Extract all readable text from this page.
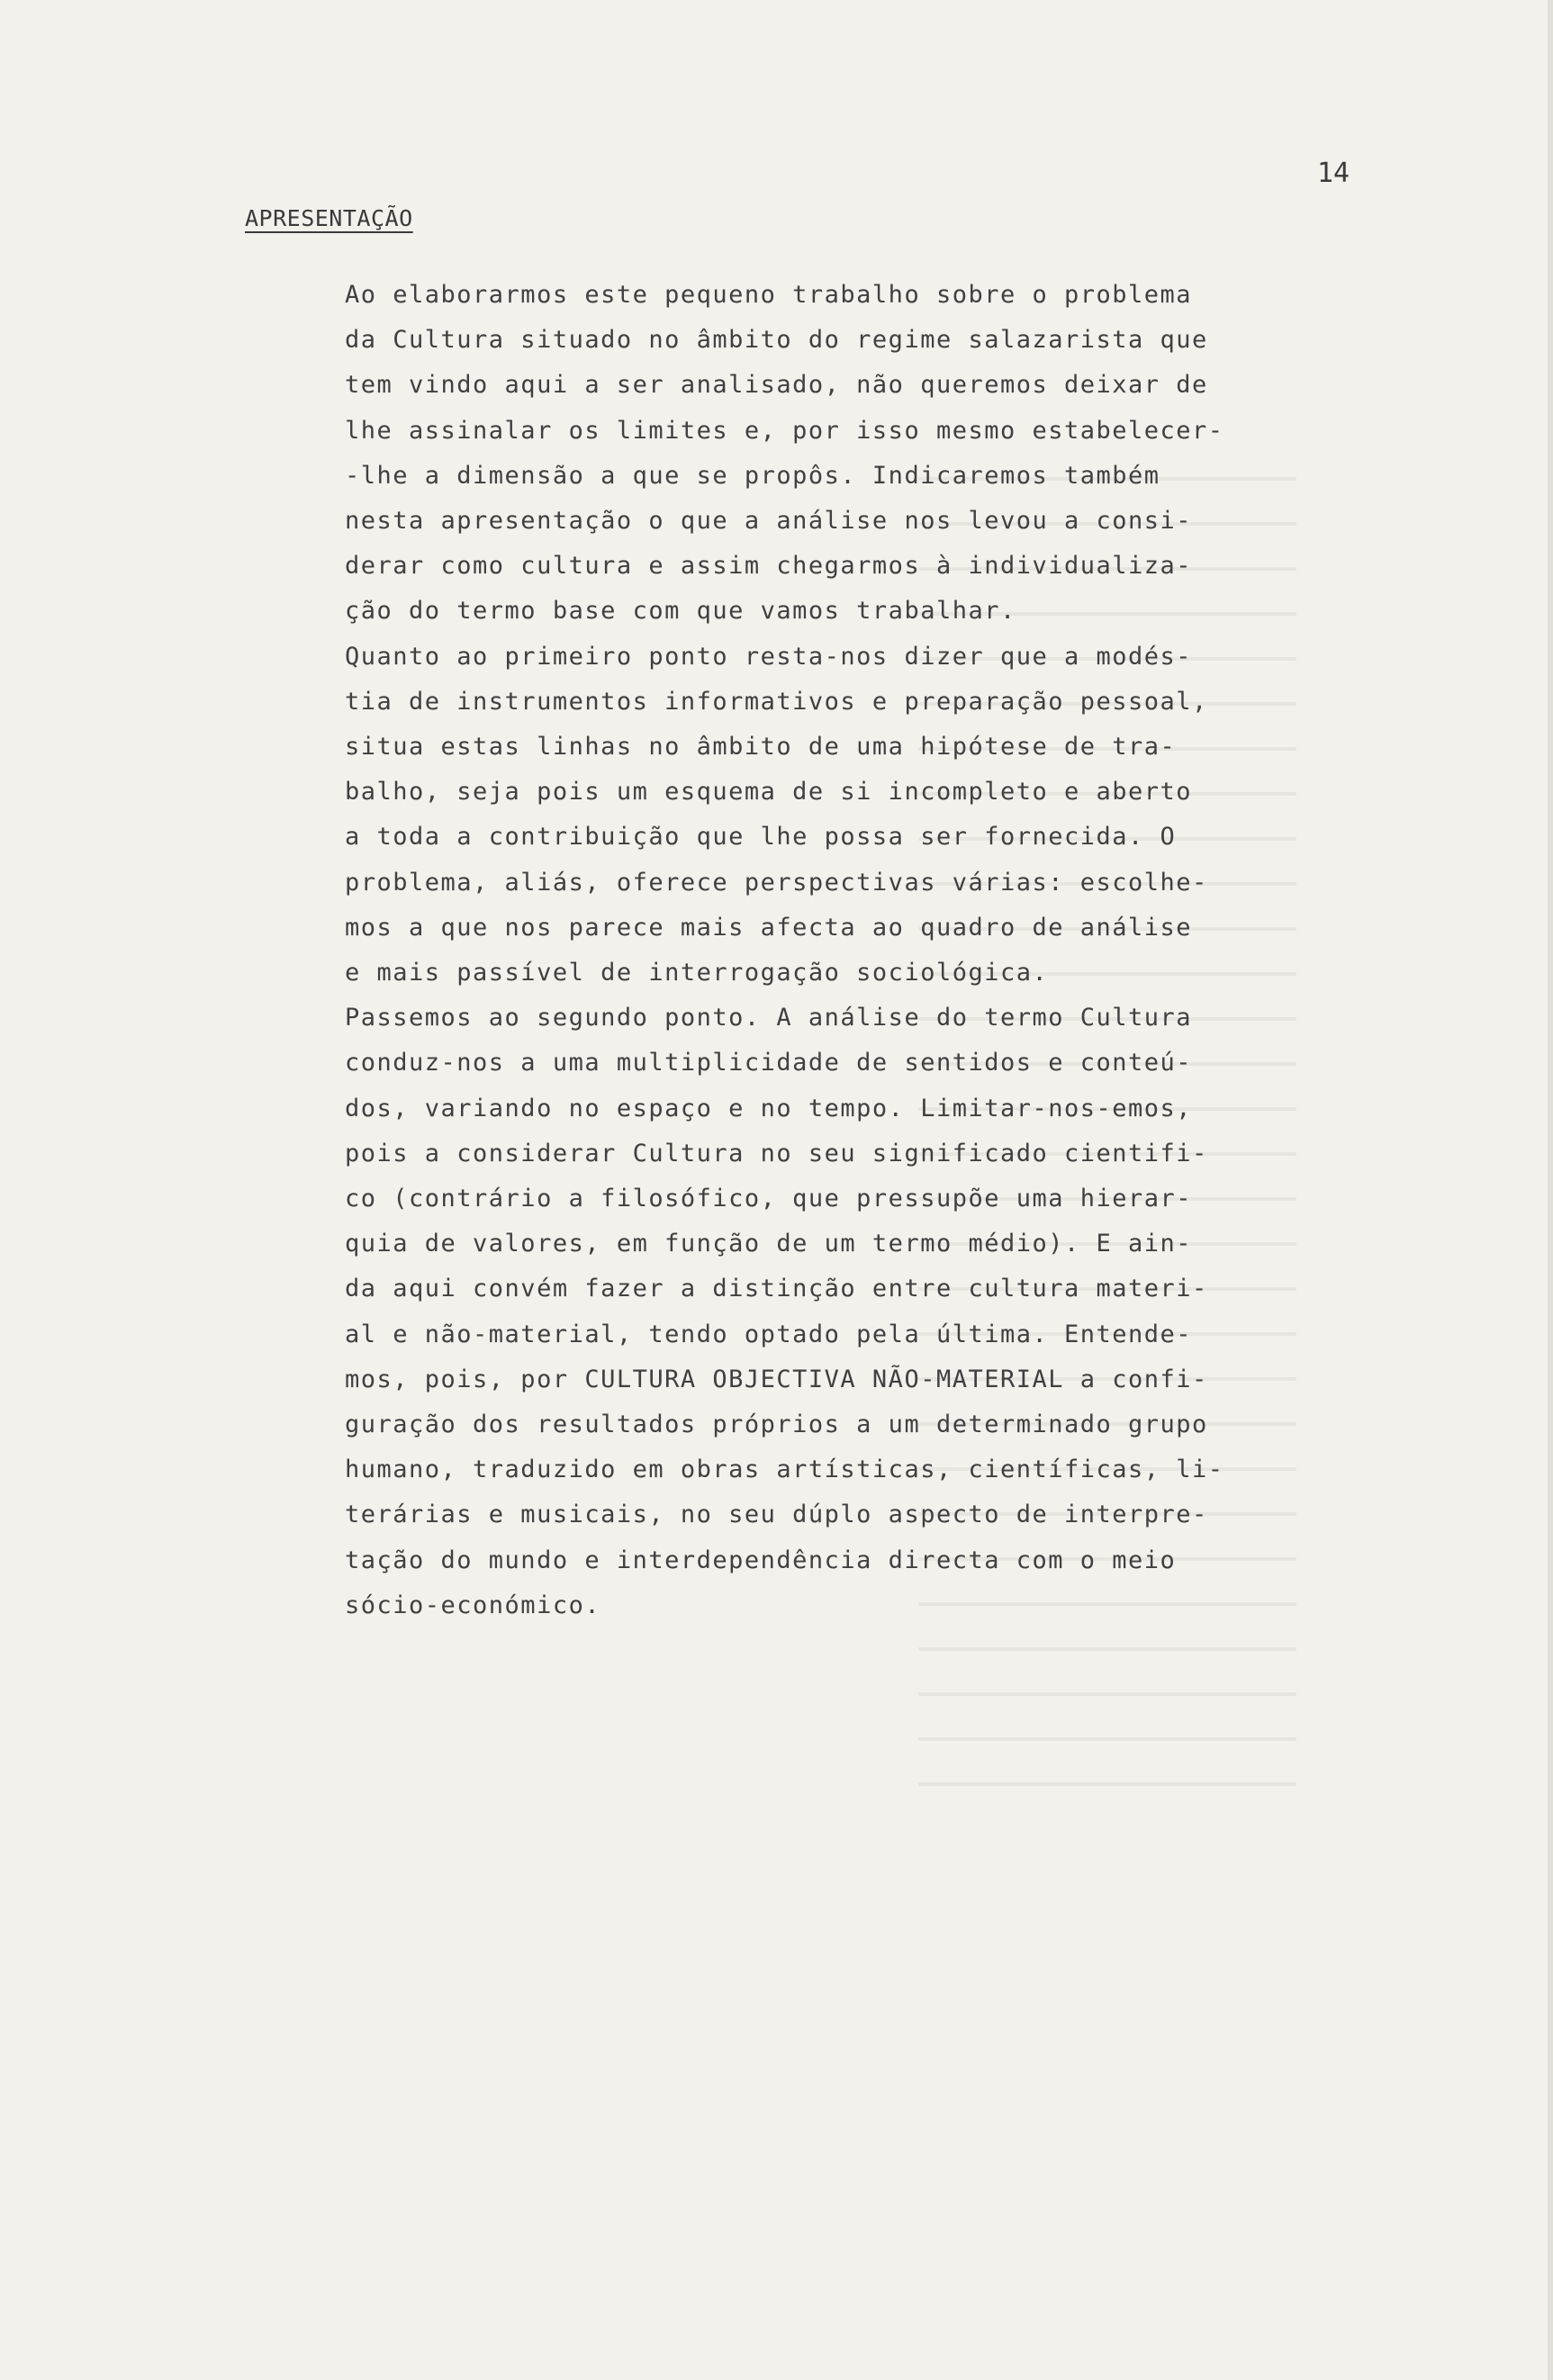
14
APRESENTAÇÃO
Ao elaborarmos este pequeno trabalho sobre o problema
da Cultura situado no âmbito do regime salazarista que
tem vindo aqui a ser analisado, não queremos deixar de
lhe assinalar os limites e, por isso mesmo estabelecer-
-lhe a dimensão a que se propôs. Indicaremos também
nesta apresentação o que a análise nos levou a consi-
derar como cultura e assim chegarmos à individualiza-
ção do termo base com que vamos trabalhar.
Quanto ao primeiro ponto resta-nos dizer que a modés-
tia de instrumentos informativos e preparação pessoal,
situa estas linhas no âmbito de uma hipótese de tra-
balho, seja pois um esquema de si incompleto e aberto
a toda a contribuição que lhe possa ser fornecida. O
problema, aliás, oferece perspectivas várias: escolhe-
mos a que nos parece mais afecta ao quadro de análise
e mais passível de interrogação sociológica.
Passemos ao segundo ponto. A análise do termo Cultura
conduz-nos a uma multiplicidade de sentidos e conteú-
dos, variando no espaço e no tempo. Limitar-nos-emos,
pois a considerar Cultura no seu significado cientifi-
co (contrário a filosófico, que pressupõe uma hierar-
quia de valores, em função de um termo médio). E ain-
da aqui convém fazer a distinção entre cultura materi-
al e não-material, tendo optado pela última. Entende-
mos, pois, por CULTURA OBJECTIVA NÃO-MATERIAL a confi-
guração dos resultados próprios a um determinado grupo
humano, traduzido em obras artísticas, científicas, li-
terárias e musicais, no seu dúplo aspecto de interpre-
tação do mundo e interdependência directa com o meio
sócio-económico.
